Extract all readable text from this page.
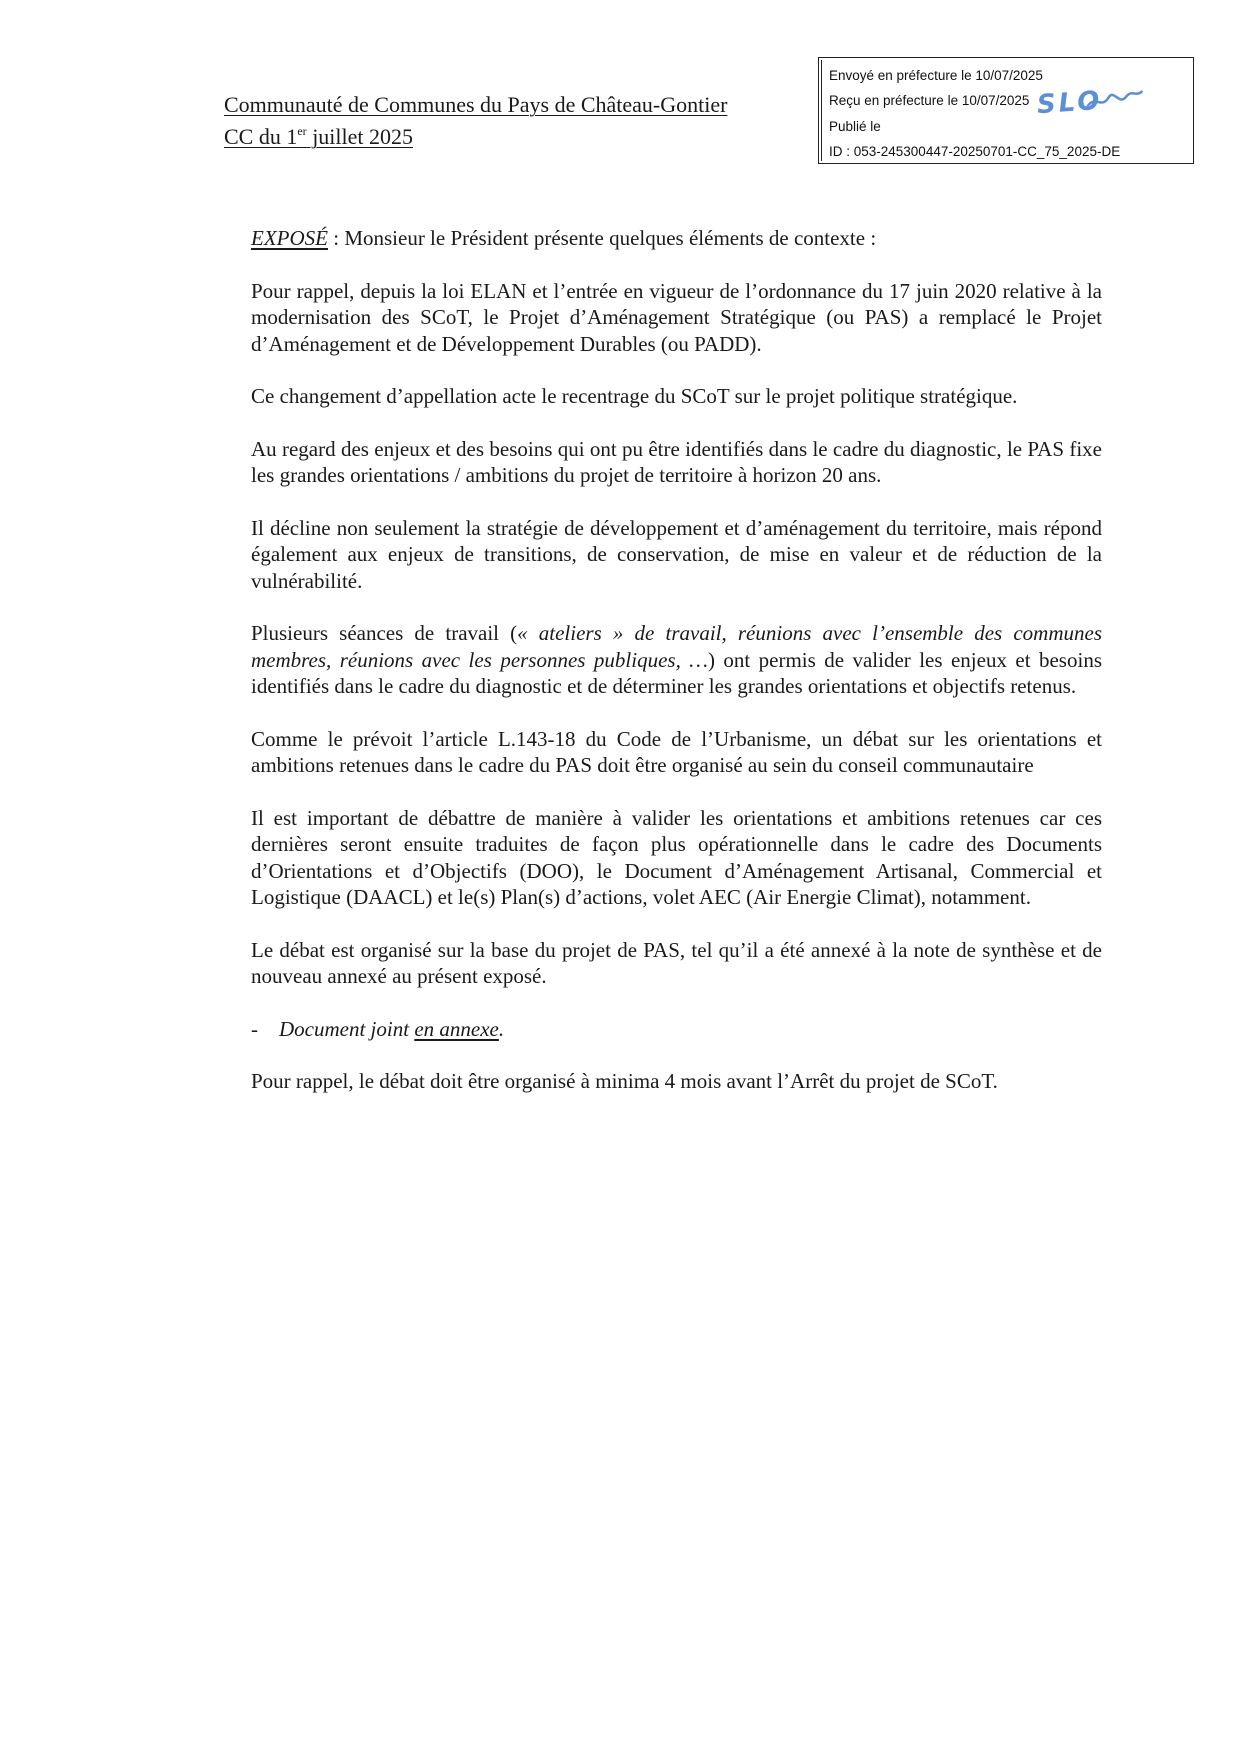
Communauté de Communes du Pays de Château-Gontier
CC du 1er juillet 2025
Envoyé en préfecture le 10/07/2025
Reçu en préfecture le 10/07/2025
Publié le
ID : 053-245300447-20250701-CC_75_2025-DE
SLO

EXPOSÉ : Monsieur le Président présente quelques éléments de contexte :

Pour rappel, depuis la loi ELAN et l’entrée en vigueur de l’ordonnance du 17 juin 2020 relative à la modernisation des SCoT, le Projet d’Aménagement Stratégique (ou PAS) a remplacé le Projet d’Aménagement et de Développement Durables (ou PADD).

Ce changement d’appellation acte le recentrage du SCoT sur le projet politique stratégique.

Au regard des enjeux et des besoins qui ont pu être identifiés dans le cadre du diagnostic, le PAS fixe les grandes orientations / ambitions du projet de territoire à horizon 20 ans.

Il décline non seulement la stratégie de développement et d’aménagement du territoire, mais répond également aux enjeux de transitions, de conservation, de mise en valeur et de réduction de la vulnérabilité.

Plusieurs séances de travail (« ateliers » de travail, réunions avec l’ensemble des communes membres, réunions avec les personnes publiques, …) ont permis de valider les enjeux et besoins identifiés dans le cadre du diagnostic et de déterminer les grandes orientations et objectifs retenus.

Comme le prévoit l’article L.143-18 du Code de l’Urbanisme, un débat sur les orientations et ambitions retenues dans le cadre du PAS doit être organisé au sein du conseil communautaire

Il est important de débattre de manière à valider les orientations et ambitions retenues car ces dernières seront ensuite traduites de façon plus opérationnelle dans le cadre des Documents d’Orientations et d’Objectifs (DOO), le Document d’Aménagement Artisanal, Commercial et Logistique (DAACL) et le(s) Plan(s) d’actions, volet AEC (Air Energie Climat), notamment.

Le débat est organisé sur la base du projet de PAS, tel qu’il a été annexé à la note de synthèse et de nouveau annexé au présent exposé.

-	Document joint en annexe.

Pour rappel, le débat doit être organisé à minima 4 mois avant l’Arrêt du projet de SCoT.
